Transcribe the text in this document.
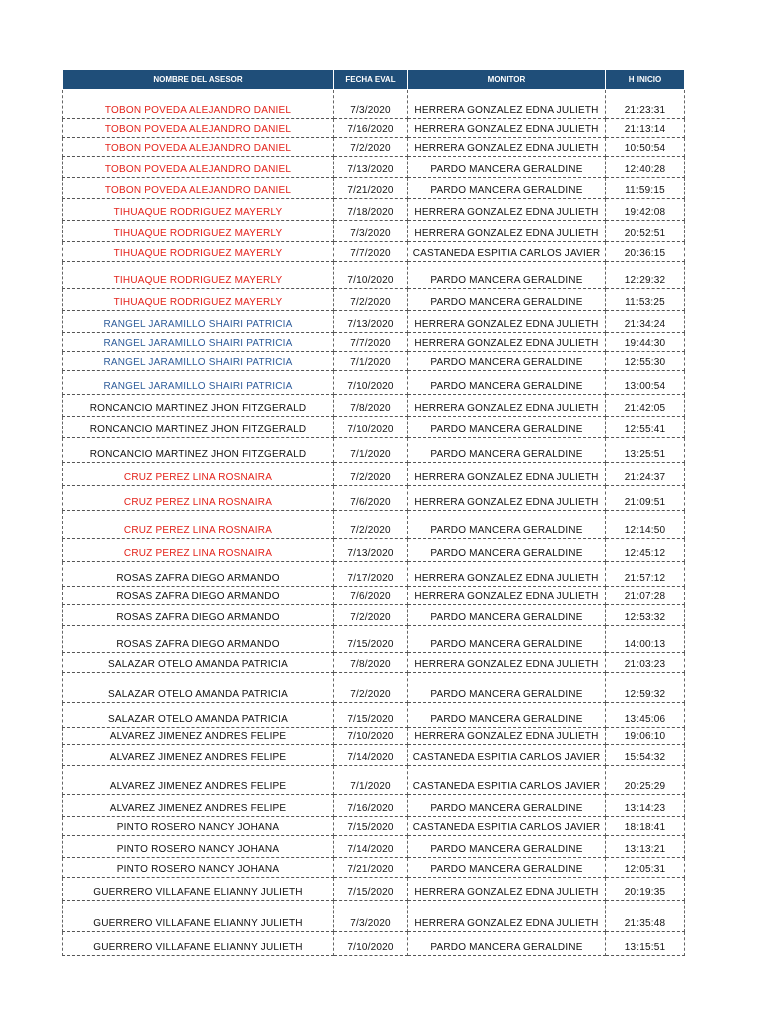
NOMBRE DEL ASESOR	FECHA EVAL	MONITOR	H INICIO
TOBON POVEDA ALEJANDRO DANIEL	7/3/2020	HERRERA GONZALEZ EDNA JULIETH	21:23:31
TOBON POVEDA ALEJANDRO DANIEL	7/16/2020	HERRERA GONZALEZ EDNA JULIETH	21:13:14
TOBON POVEDA ALEJANDRO DANIEL	7/2/2020	HERRERA GONZALEZ EDNA JULIETH	10:50:54
TOBON POVEDA ALEJANDRO DANIEL	7/13/2020	PARDO MANCERA GERALDINE	12:40:28
TOBON POVEDA ALEJANDRO DANIEL	7/21/2020	PARDO MANCERA GERALDINE	11:59:15
TIHUAQUE RODRIGUEZ MAYERLY	7/18/2020	HERRERA GONZALEZ EDNA JULIETH	19:42:08
TIHUAQUE RODRIGUEZ MAYERLY	7/3/2020	HERRERA GONZALEZ EDNA JULIETH	20:52:51
TIHUAQUE RODRIGUEZ MAYERLY	7/7/2020	CASTANEDA ESPITIA CARLOS JAVIER	20:36:15
TIHUAQUE RODRIGUEZ MAYERLY	7/10/2020	PARDO MANCERA GERALDINE	12:29:32
TIHUAQUE RODRIGUEZ MAYERLY	7/2/2020	PARDO MANCERA GERALDINE	11:53:25
RANGEL JARAMILLO SHAIRI PATRICIA	7/13/2020	HERRERA GONZALEZ EDNA JULIETH	21:34:24
RANGEL JARAMILLO SHAIRI PATRICIA	7/7/2020	HERRERA GONZALEZ EDNA JULIETH	19:44:30
RANGEL JARAMILLO SHAIRI PATRICIA	7/1/2020	PARDO MANCERA GERALDINE	12:55:30
RANGEL JARAMILLO SHAIRI PATRICIA	7/10/2020	PARDO MANCERA GERALDINE	13:00:54
RONCANCIO MARTINEZ JHON FITZGERALD	7/8/2020	HERRERA GONZALEZ EDNA JULIETH	21:42:05
RONCANCIO MARTINEZ JHON FITZGERALD	7/10/2020	PARDO MANCERA GERALDINE	12:55:41
RONCANCIO MARTINEZ JHON FITZGERALD	7/1/2020	PARDO MANCERA GERALDINE	13:25:51
CRUZ PEREZ LINA ROSNAIRA	7/2/2020	HERRERA GONZALEZ EDNA JULIETH	21:24:37
CRUZ PEREZ LINA ROSNAIRA	7/6/2020	HERRERA GONZALEZ EDNA JULIETH	21:09:51
CRUZ PEREZ LINA ROSNAIRA	7/2/2020	PARDO MANCERA GERALDINE	12:14:50
CRUZ PEREZ LINA ROSNAIRA	7/13/2020	PARDO MANCERA GERALDINE	12:45:12
ROSAS ZAFRA DIEGO ARMANDO	7/17/2020	HERRERA GONZALEZ EDNA JULIETH	21:57:12
ROSAS ZAFRA DIEGO ARMANDO	7/6/2020	HERRERA GONZALEZ EDNA JULIETH	21:07:28
ROSAS ZAFRA DIEGO ARMANDO	7/2/2020	PARDO MANCERA GERALDINE	12:53:32
ROSAS ZAFRA DIEGO ARMANDO	7/15/2020	PARDO MANCERA GERALDINE	14:00:13
SALAZAR OTELO AMANDA PATRICIA	7/8/2020	HERRERA GONZALEZ EDNA JULIETH	21:03:23
SALAZAR OTELO AMANDA PATRICIA	7/2/2020	PARDO MANCERA GERALDINE	12:59:32
SALAZAR OTELO AMANDA PATRICIA	7/15/2020	PARDO MANCERA GERALDINE	13:45:06
ALVAREZ JIMENEZ ANDRES FELIPE	7/10/2020	HERRERA GONZALEZ EDNA JULIETH	19:06:10
ALVAREZ JIMENEZ ANDRES FELIPE	7/14/2020	CASTANEDA ESPITIA CARLOS JAVIER	15:54:32
ALVAREZ JIMENEZ ANDRES FELIPE	7/1/2020	CASTANEDA ESPITIA CARLOS JAVIER	20:25:29
ALVAREZ JIMENEZ ANDRES FELIPE	7/16/2020	PARDO MANCERA GERALDINE	13:14:23
PINTO ROSERO NANCY JOHANA	7/15/2020	CASTANEDA ESPITIA CARLOS JAVIER	18:18:41
PINTO ROSERO NANCY JOHANA	7/14/2020	PARDO MANCERA GERALDINE	13:13:21
PINTO ROSERO NANCY JOHANA	7/21/2020	PARDO MANCERA GERALDINE	12:05:31
GUERRERO VILLAFANE ELIANNY JULIETH	7/15/2020	HERRERA GONZALEZ EDNA JULIETH	20:19:35
GUERRERO VILLAFANE ELIANNY JULIETH	7/3/2020	HERRERA GONZALEZ EDNA JULIETH	21:35:48
GUERRERO VILLAFANE ELIANNY JULIETH	7/10/2020	PARDO MANCERA GERALDINE	13:15:51
